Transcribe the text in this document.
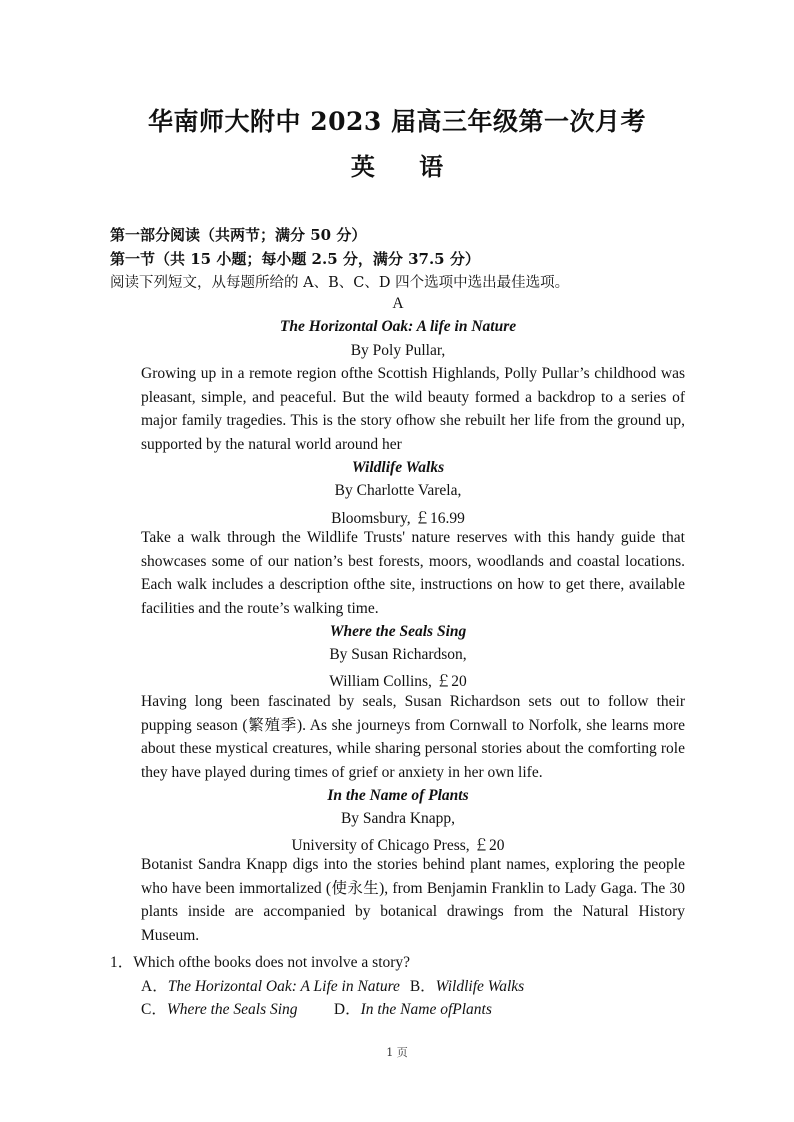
华南师大附中 2023 届高三年级第一次月考
英 语
第一部分阅读（共两节；满分 50 分）
第一节（共 15 小题；每小题 2.5 分，满分 37.5 分）
阅读下列短文，从每题所给的 A、B、C、D 四个选项中选出最佳选项。
A
The Horizontal Oak: A life in Nature
By Poly Pullar,
Growing up in a remote region ofthe Scottish Highlands, Polly Pullar’s childhood was pleasant, simple, and peaceful. But the wild beauty formed a backdrop to a series of major family tragedies. This is the story ofhow she rebuilt her life from the ground up, supported by the natural world around her
Wildlife Walks
By Charlotte Varela,
Bloomsbury, ￡16.99
Take a walk through the Wildlife Trusts' nature reserves with this handy guide that showcases some of our nation’s best forests, moors, woodlands and coastal locations. Each walk includes a description ofthe site, instructions on how to get there, available facilities and the route’s walking time.
Where the Seals Sing
By Susan Richardson,
William Collins, ￡20
Having long been fascinated by seals, Susan Richardson sets out to follow their pupping season (繁殖季). As she journeys from Cornwall to Norfolk, she learns more about these mystical creatures, while sharing personal stories about the comforting role they have played during times of grief or anxiety in her own life.
In the Name of Plants
By Sandra Knapp,
University of Chicago Press, ￡20
Botanist Sandra Knapp digs into the stories behind plant names, exploring the people who have been immortalized (使永生), from Benjamin Franklin to Lady Gaga. The 30 plants inside are accompanied by botanical drawings from the Natural History Museum.
1．Which ofthe books does not involve a story?
A．The Horizontal Oak: A Life in Nature B．Wildlife Walks
C．Where the Seals Sing D．In the Name ofPlants
1 页
